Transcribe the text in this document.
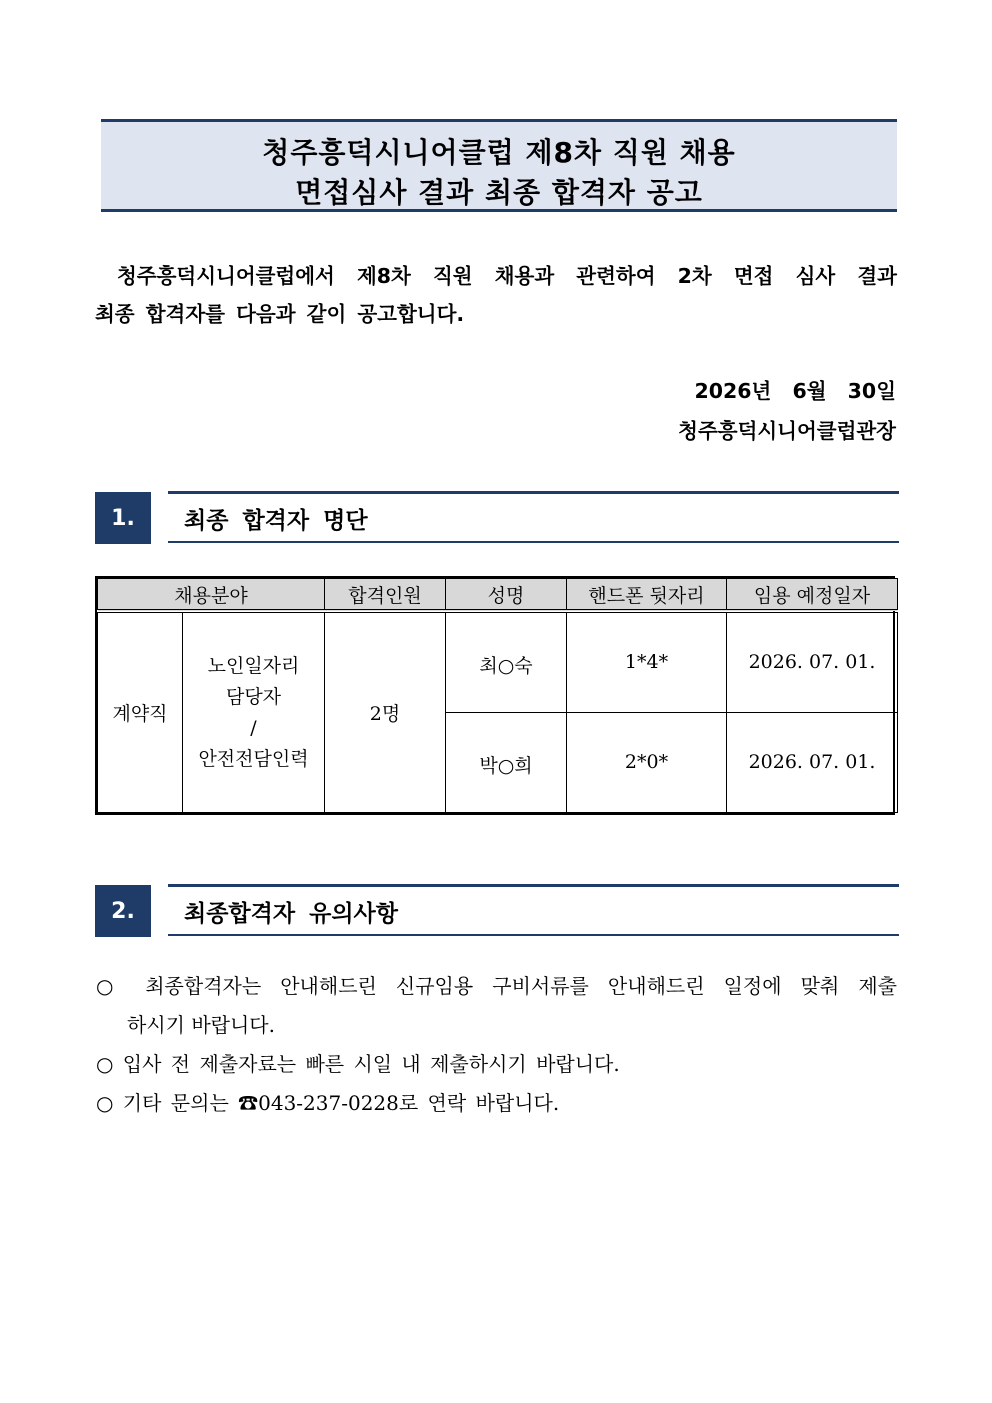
청주흥덕시니어클럽 제8차 직원 채용
면접심사 결과 최종 합격자 공고
청주흥덕시니어클럽에서 제8차 직원 채용과 관련하여 2차 면접 심사 결과
최종 합격자를 다음과 같이 공고합니다.
2026년 6월 30일
청주흥덕시니어클럽관장
1.	최종 합격자 명단
채용분야		합격인원	성명	핸드폰 뒷자리	임용 예정일자
계약직	노인일자리
담당자
/
안전전담인력	2명	최○숙	1*4*	2026. 07. 01.
			박○희	2*0*	2026. 07. 01.
2.	최종합격자 유의사항
○ 최종합격자는 안내해드린 신규임용 구비서류를 안내해드린 일정에 맞춰 제출
하시기 바랍니다.
○ 입사 전 제출자료는 빠른 시일 내 제출하시기 바랍니다.
○ 기타 문의는 ☎043-237-0228로 연락 바랍니다.
